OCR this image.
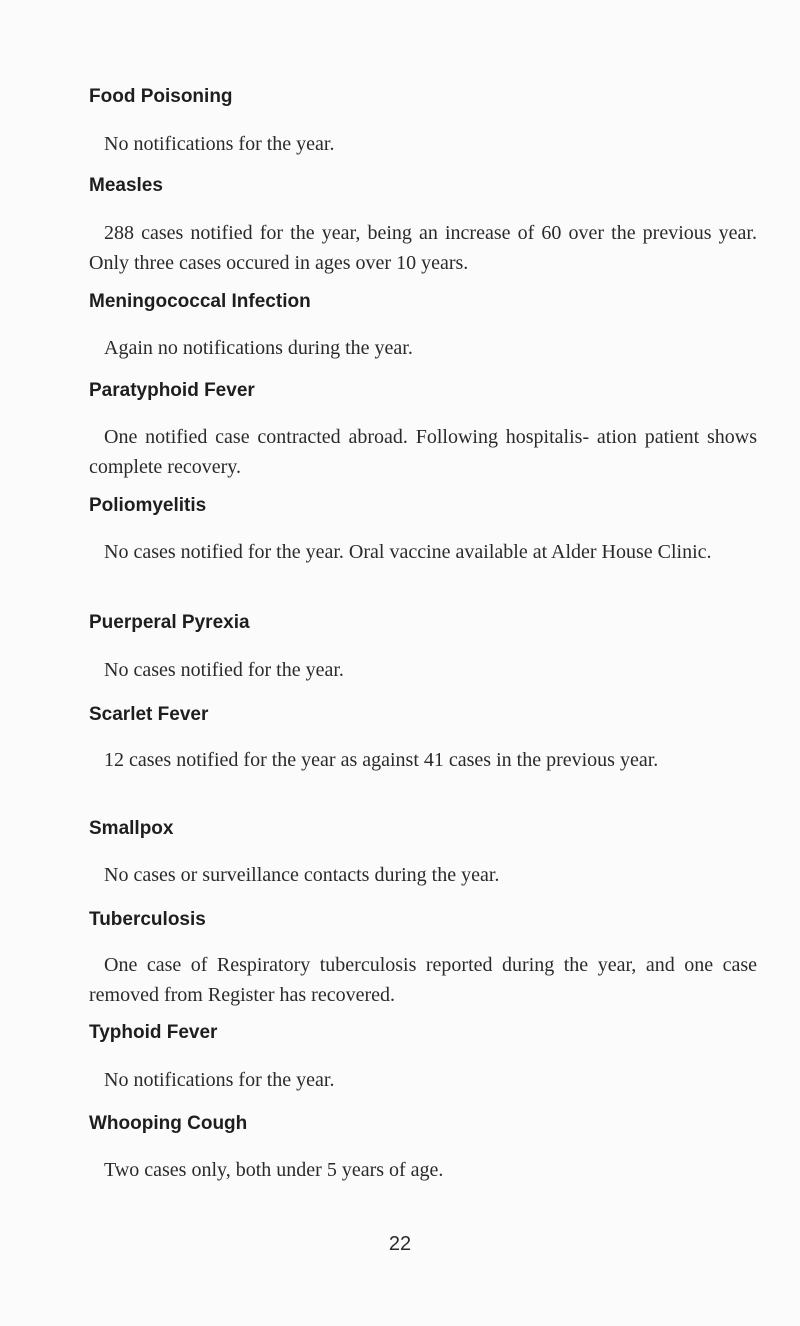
Food Poisoning

No notifications for the year.

Measles

288 cases notified for the year, being an increase of 60 over the previous year. Only three cases occured in ages over 10 years.

Meningococcal Infection

Again no notifications during the year.

Paratyphoid Fever

One notified case contracted abroad. Following hospitalis- ation patient shows complete recovery.

Poliomyelitis

No cases notified for the year. Oral vaccine available at Alder House Clinic.

Puerperal Pyrexia

No cases notified for the year.

Scarlet Fever

12 cases notified for the year as against 41 cases in the previous year.

Smallpox

No cases or surveillance contacts during the year.

Tuberculosis

One case of Respiratory tuberculosis reported during the year, and one case removed from Register has recovered.

Typhoid Fever

No notifications for the year.

Whooping Cough

Two cases only, both under 5 years of age.

22
